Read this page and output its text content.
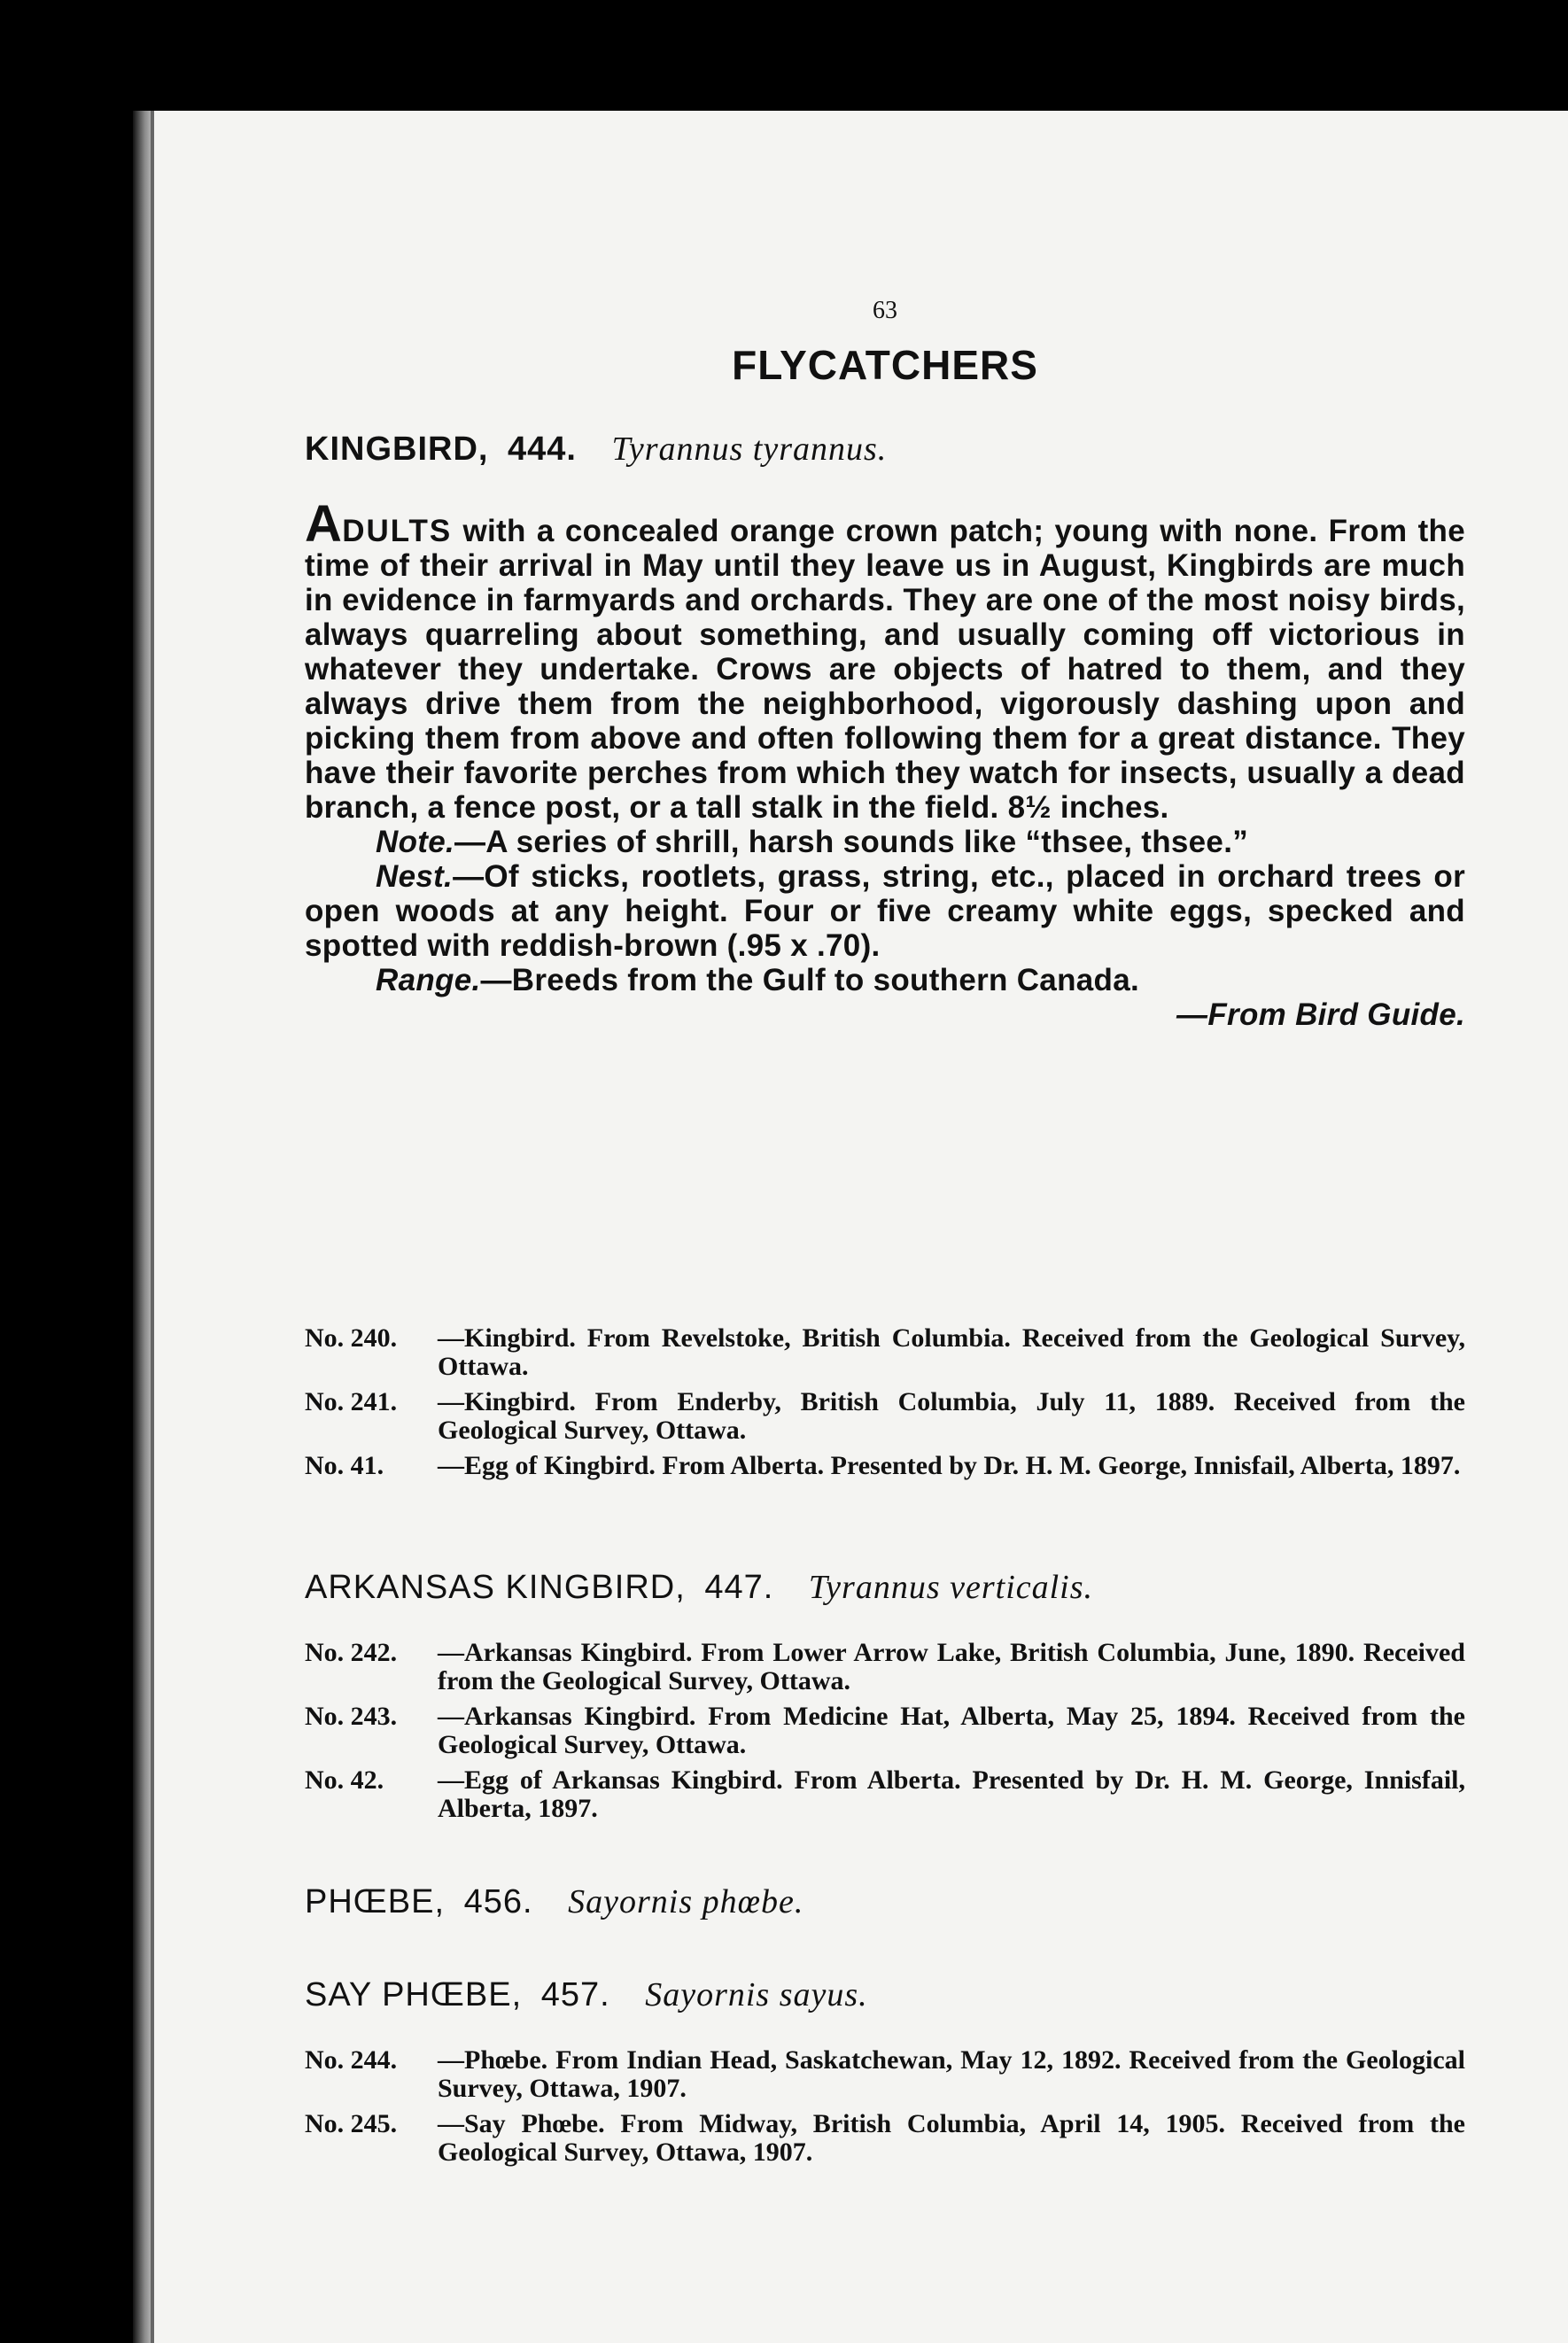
63
FLYCATCHERS
KINGBIRD, 444. Tyrannus tyrannus.

ADULTS with a concealed orange crown patch; young with none. From the time of their arrival in May until they leave us in August, Kingbirds are much in evidence in farmyards and orchards. They are one of the most noisy birds, always quarreling about something, and usually coming off victorious in whatever they undertake. Crows are objects of hatred to them, and they always drive them from the neighborhood, vigorously dashing upon and picking them from above and often following them for a great distance. They have their favorite perches from which they watch for insects, usually a dead branch, a fence post, or a tall stalk in the field. 8½ inches.

Note.—A series of shrill, harsh sounds like “thsee, thsee.”

Nest.—Of sticks, rootlets, grass, string, etc., placed in orchard trees or open woods at any height. Four or five creamy white eggs, specked and spotted with reddish-brown (.95 x .70).

Range.—Breeds from the Gulf to southern Canada.

—From Bird Guide.

No. 240.	—Kingbird. From Revelstoke, British Columbia. Received from the Geological Survey, Ottawa.
No. 241.	—Kingbird. From Enderby, British Columbia, July 11, 1889. Received from the Geological Survey, Ottawa.
No. 41.	—Egg of Kingbird. From Alberta. Presented by Dr. H. M. George, Innisfail, Alberta, 1897.
ARKANSAS KINGBIRD, 447. Tyrannus verticalis.
No. 242.	—Arkansas Kingbird. From Lower Arrow Lake, British Columbia, June, 1890. Received from the Geological Survey, Ottawa.
No. 243.	—Arkansas Kingbird. From Medicine Hat, Alberta, May 25, 1894. Received from the Geological Survey, Ottawa.
No. 42.	—Egg of Arkansas Kingbird. From Alberta. Presented by Dr. H. M. George, Innisfail, Alberta, 1897.
PHŒBE, 456. Sayornis phœbe.
SAY PHŒBE, 457. Sayornis sayus.
No. 244.	—Phœbe. From Indian Head, Saskatchewan, May 12, 1892. Received from the Geological Survey, Ottawa, 1907.
No. 245.	—Say Phœbe. From Midway, British Columbia, April 14, 1905. Received from the Geological Survey, Ottawa, 1907.
